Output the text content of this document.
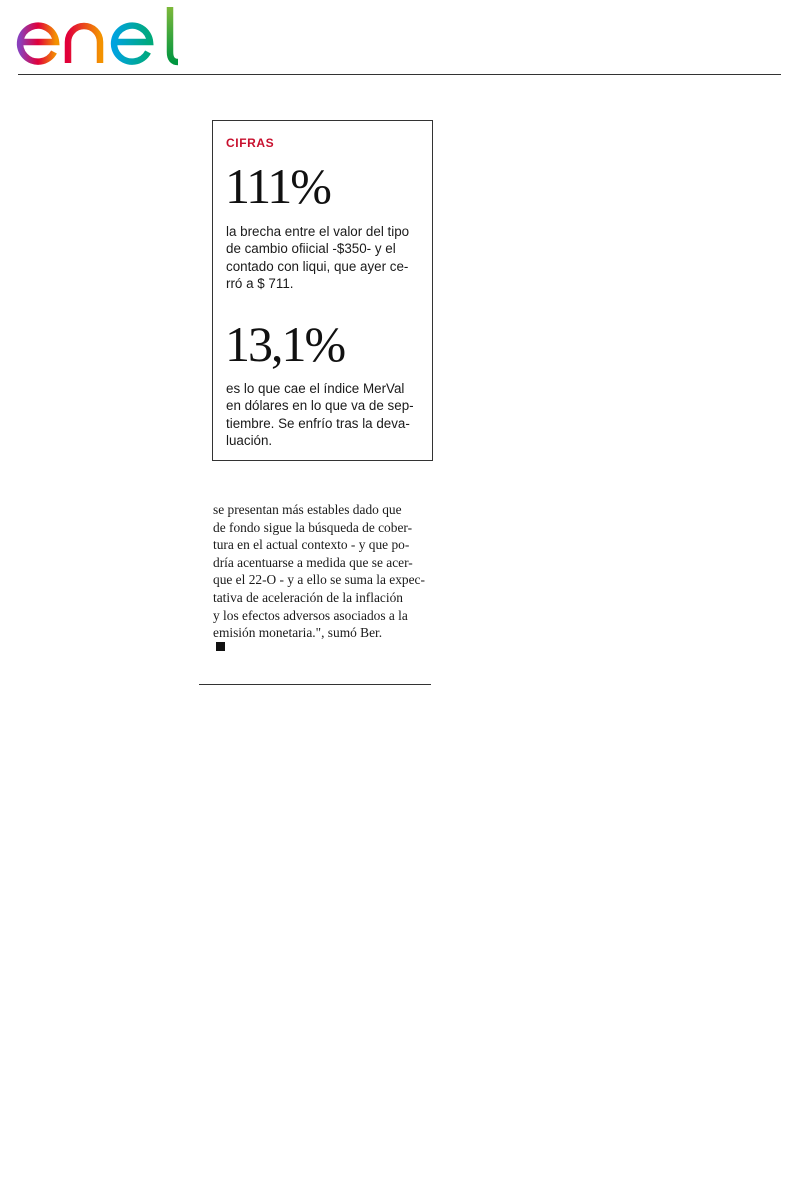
CIFRAS
111%

la brecha entre el valor del tipo
de cambio ofiicial -$350- y el
contado con liqui, que ayer ce-
rró a $ 711.

13,1%

es lo que cae el índice MerVal
en dólares en lo que va de sep-
tiembre. Se enfrío tras la deva-
luación.

se presentan más estables dado que
de fondo sigue la búsqueda de cober-
tura en el actual contexto - y que po-
dría acentuarse a medida que se acer-
que el 22-O - y a ello se suma la expec-
tativa de aceleración de la inflación
y los efectos adversos asociados a la
emisión monetaria.", sumó Ber.
